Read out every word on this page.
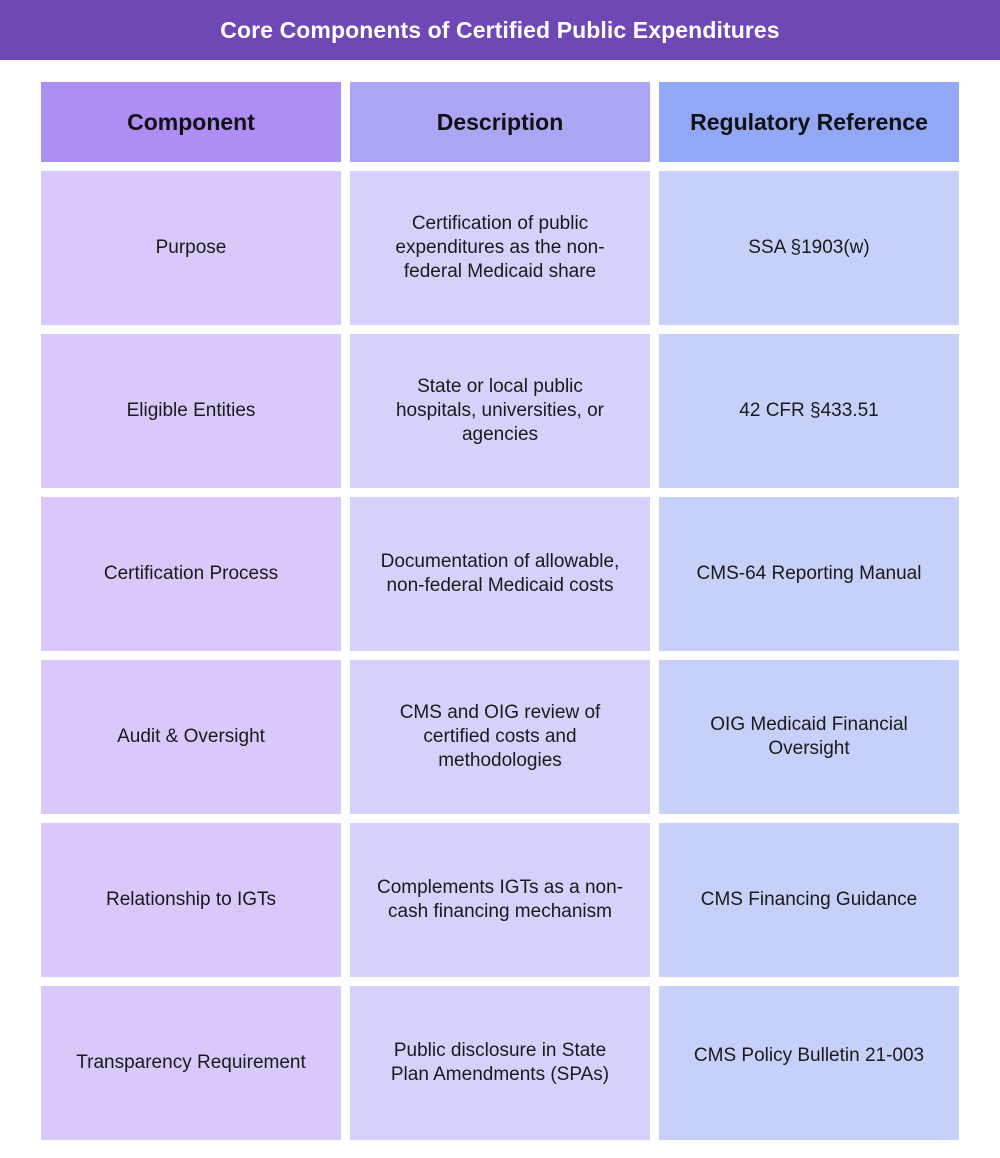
Core Components of Certified Public Expenditures
Component	Description	Regulatory Reference
Purpose
Certification of public expenditures as the non-federal Medicaid share
SSA §1903(w)
Eligible Entities
State or local public hospitals, universities, or agencies
42 CFR §433.51
Certification Process
Documentation of allowable, non-federal Medicaid costs
CMS-64 Reporting Manual
Audit & Oversight
CMS and OIG review of certified costs and methodologies
OIG Medicaid Financial Oversight
Relationship to IGTs
Complements IGTs as a non-cash financing mechanism
CMS Financing Guidance
Transparency Requirement
Public disclosure in State Plan Amendments (SPAs)
CMS Policy Bulletin 21-003
